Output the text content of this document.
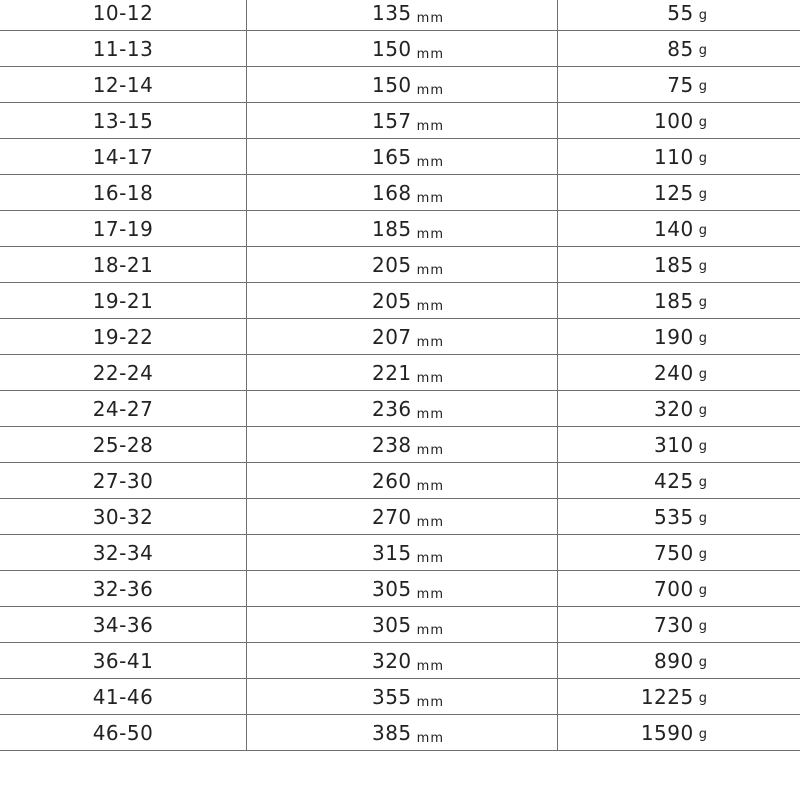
10-12	135 mm	55 g
11-13	150 mm	85 g
12-14	150 mm	75 g
13-15	157 mm	100 g
14-17	165 mm	110 g
16-18	168 mm	125 g
17-19	185 mm	140 g
18-21	205 mm	185 g
19-21	205 mm	185 g
19-22	207 mm	190 g
22-24	221 mm	240 g
24-27	236 mm	320 g
25-28	238 mm	310 g
27-30	260 mm	425 g
30-32	270 mm	535 g
32-34	315 mm	750 g
32-36	305 mm	700 g
34-36	305 mm	730 g
36-41	320 mm	890 g
41-46	355 mm	1225 g
46-50	385 mm	1590 g
